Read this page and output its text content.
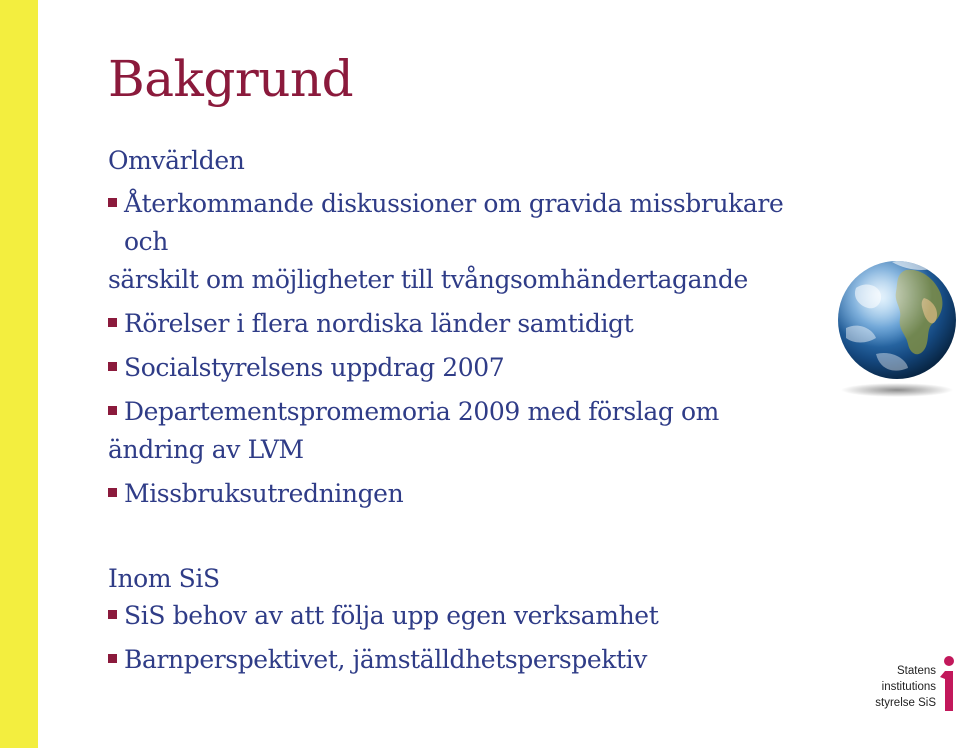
Bakgrund

Omvärlden

Återkommande diskussioner om gravida missbrukare och
särskilt om möjligheter till tvångsomhändertagande

Rörelser i flera nordiska länder samtidigt

Socialstyrelsens uppdrag 2007

Departementspromemoria 2009 med förslag om
ändring av LVM

Missbruksutredningen

Inom SiS

SiS behov av att följa upp egen verksamhet

Barnperspektivet, jämställdhetsperspektiv	Statens
institutions
styrelse SiS
